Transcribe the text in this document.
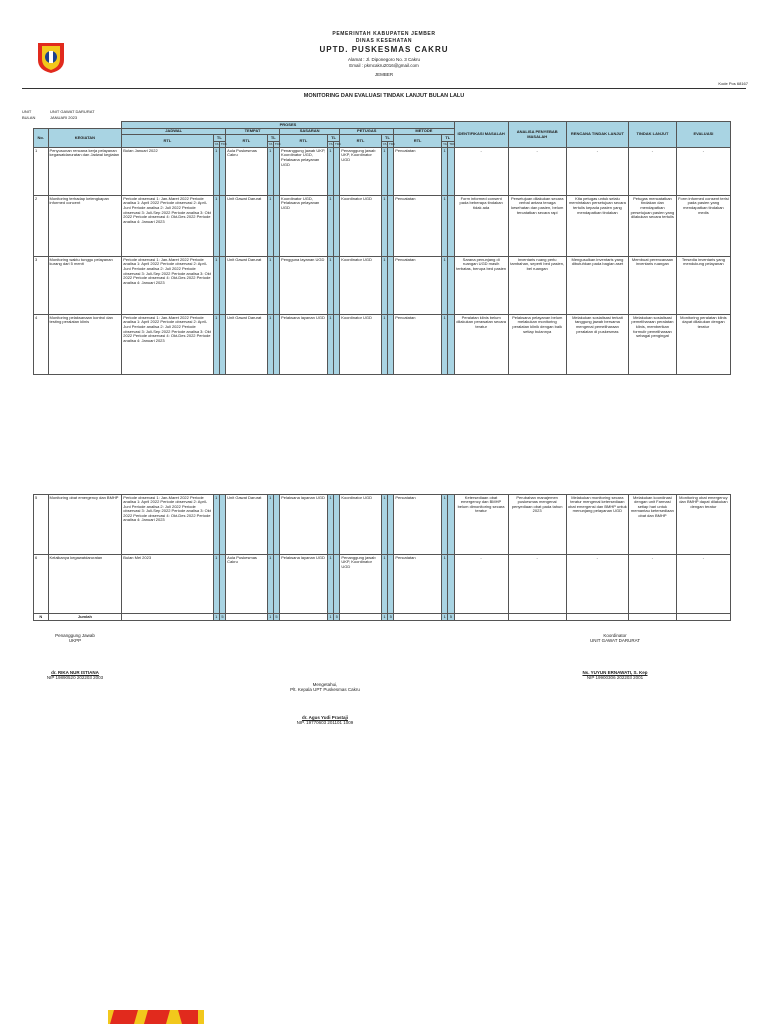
PEMERINTAH KABUPATEN JEMBER
DINAS KESEHATAN
UPTD. PUSKESMAS CAKRU
Alamat : Jl. Diponegoro No. 3 Cakru
Email : pkmcakru2016@gmail.com
JEMBER
Kode Pos 68167
MONITORING DAN EVALUASI TINDAK LANJUT BULAN LALU
UNIT	UNIT GAWAT DARURAT
BULAN	JANUARI 2023
		PROSES															IDENTIFIKASI MASALAH	ANALISA PENYEBAB MASALAH	RENCANA TINDAK LANJUT	TINDAK LANJUT	EVALUASI
No.	KEGIATAN	JADWAL			TEMPAT			SASARAN			PETUGAS			METODE							
		RTL	TL		RTL	TL		RTL	TL		RTL	TL		RTL	TL						
			YA	TDK		YA	TDK		YA	TDK		YA	TDK		YA	TDK					
1	Penyusunan rencana kerja pelayanan kegawatdaruratan dan Jadwal kegiatan	Bulan Januari 2022	1		Aula Puskesmas Cakru	1		Penanggung jawab UKP, Koordinator UGD, Pelaksana pelayanan UGD	1		Penanggung jawab UKP, Koordinator UGD	1		Pencatatan	1		-	-	-	-	-
2	Monitoring terhadap kelengkapan informed concent	Periode observasi 1: Jan-Maret 2022 Periode analisa 1: April 2022 Periode observasi 2: April-Juni Periode analisa 2: Juli 2022 Periode observasi 3: Juli-Sep 2022 Periode analisa 3: Okt 2022 Periode observasi 4: Okt-Des 2022 Periode analisa 4: Januari 2023	1		Unit Gawat Darurat	1		Koordinator UGD, Pelaksana pelayanan UGD	1		Koordinator UGD	1		Pencatatan	1		Form informed consent pada beberapa tindakan tidak ada	Persetujuan dilakukan secara verbal antara tenaga kesehatan dan pasien, belum tercatatkan secara rapi	Kita petugas untuk selalu memintakan persetujuan secara tertulis kepada pasien yang mendapatkan tindakan	Petugas mencatatkan tindakan dan mendapatkan persetujuan pasien yang dilakukan secara tertulis	Form informed consent terisi pada pasien yang mendapatkan tindakan medis
3	Monitoring waktu tunggu pelayanan kurang dari 5 menit	Periode observasi 1: Jan-Maret 2022 Periode analisa 1: April 2022 Periode observasi 2: April-Juni Periode analisa 2: Juli 2022 Periode observasi 3: Juli-Sep 2022 Periode analisa 3: Okt 2022 Periode observasi 4: Okt-Des 2022 Periode analisa 4: Januari 2023	1		Unit Gawat Darurat	1		Pengguna layanan UGD	1		Koordinator UGD	1		Pencatatan	1		Sarana penunjang di ruangan UGD masih terbatas, berupa bed pasien	Inventaris ruang perlu tambahan, seperti bed pasien, bel ruangan	Mengusulkan inventaris yang dibutuhkan pada bagian aset	Membuat perencanaan inventaris ruangan	Tersedia inventaris yang mendukung pelayanan
4	Monitoring pelaksanaan kontrol dan testing peralatan klinis	Periode observasi 1: Jan-Maret 2022 Periode analisa 1: April 2022 Periode observasi 2: April-Juni Periode analisa 2: Juli 2022 Periode observasi 3: Juli-Sep 2022 Periode analisa 3: Okt 2022 Periode observasi 4: Okt-Des 2022 Periode analisa 4: Januari 2023	1		Unit Gawat Darurat	1		Pelaksana layanan UGD	1		Koordinator UGD	1		Pencatatan	1		Peralatan klinis belum dilakukan perawatan secara teratur	Pelaksana pelayanan belum melakukan monitoring peralatan klinik dengan baik setiap bulannya	Melakukan sosialisasi terkait tanggung jawab bersama mengenai pemeliharaan peralatan di puskesmas	Melakukan sosialisasi pemeliharaan peralatan klinis, memberikan formulir pemeliharaan sebagai pengingat	Monitoring peralatan klinis dapat dilakukan dengan teratur
5	Monitoring obat emergency dan BMHP	Periode observasi 1: Jan-Maret 2022 Periode analisa 1: April 2022 Periode observasi 2: April-Juni Periode analisa 2: Juli 2022 Periode observasi 3: Juli-Sep 2022 Periode analisa 3: Okt 2022 Periode observasi 4: Okt-Des 2022 Periode analisa 4: Januari 2023	1		Unit Gawat Darurat	1		Pelaksana layanan UGD	1		Koordinator UGD	1		Pencatatan	1		Ketersediaan obat emergency dan BMHP belum dimonitoring secara teratur	Perubahan manajemen puskesmas mengenai penyediaan obat pada tahun 2023	Melakukan monitoring secara teratur mengenai ketersediaan obat emergensi dan BMHP untuk menunjang pelayanan UGD	Melakukan koordinasi dengan unit Farmasi setiap hari untuk memantau ketersediaan obat dan BMHP	Monitoring obat emergency dan BMHP dapat dilakukan dengan teratur
6	Kelaikanya kegawatdaruratan	Bulan Mei 2023	1		Aula Puskesmas Cakru	1		Pelaksana layanan UGD	1		Penanggung jawab UKP, Koordinator UGD	1		Pencatatan	1		-	-	-	-	-
N	Jumlah		1	5		1	5		1	5		1	5		1	5					
Penanggung Jawab
UKPP
dr. RIKA NUR ISTIANA
NIP 19890520 202203 2003
Koordinator
UNIT GAWAT DARURAT
Ns. YUYUN ERNAWATI, S. Kep
NIP 19900306 202203 2001
Mengetahui,
Plt. Kepala UPT Puskesmas Cakru
dr. Agus Yudi Prastaji
NIP. 19770603 201101 1009
